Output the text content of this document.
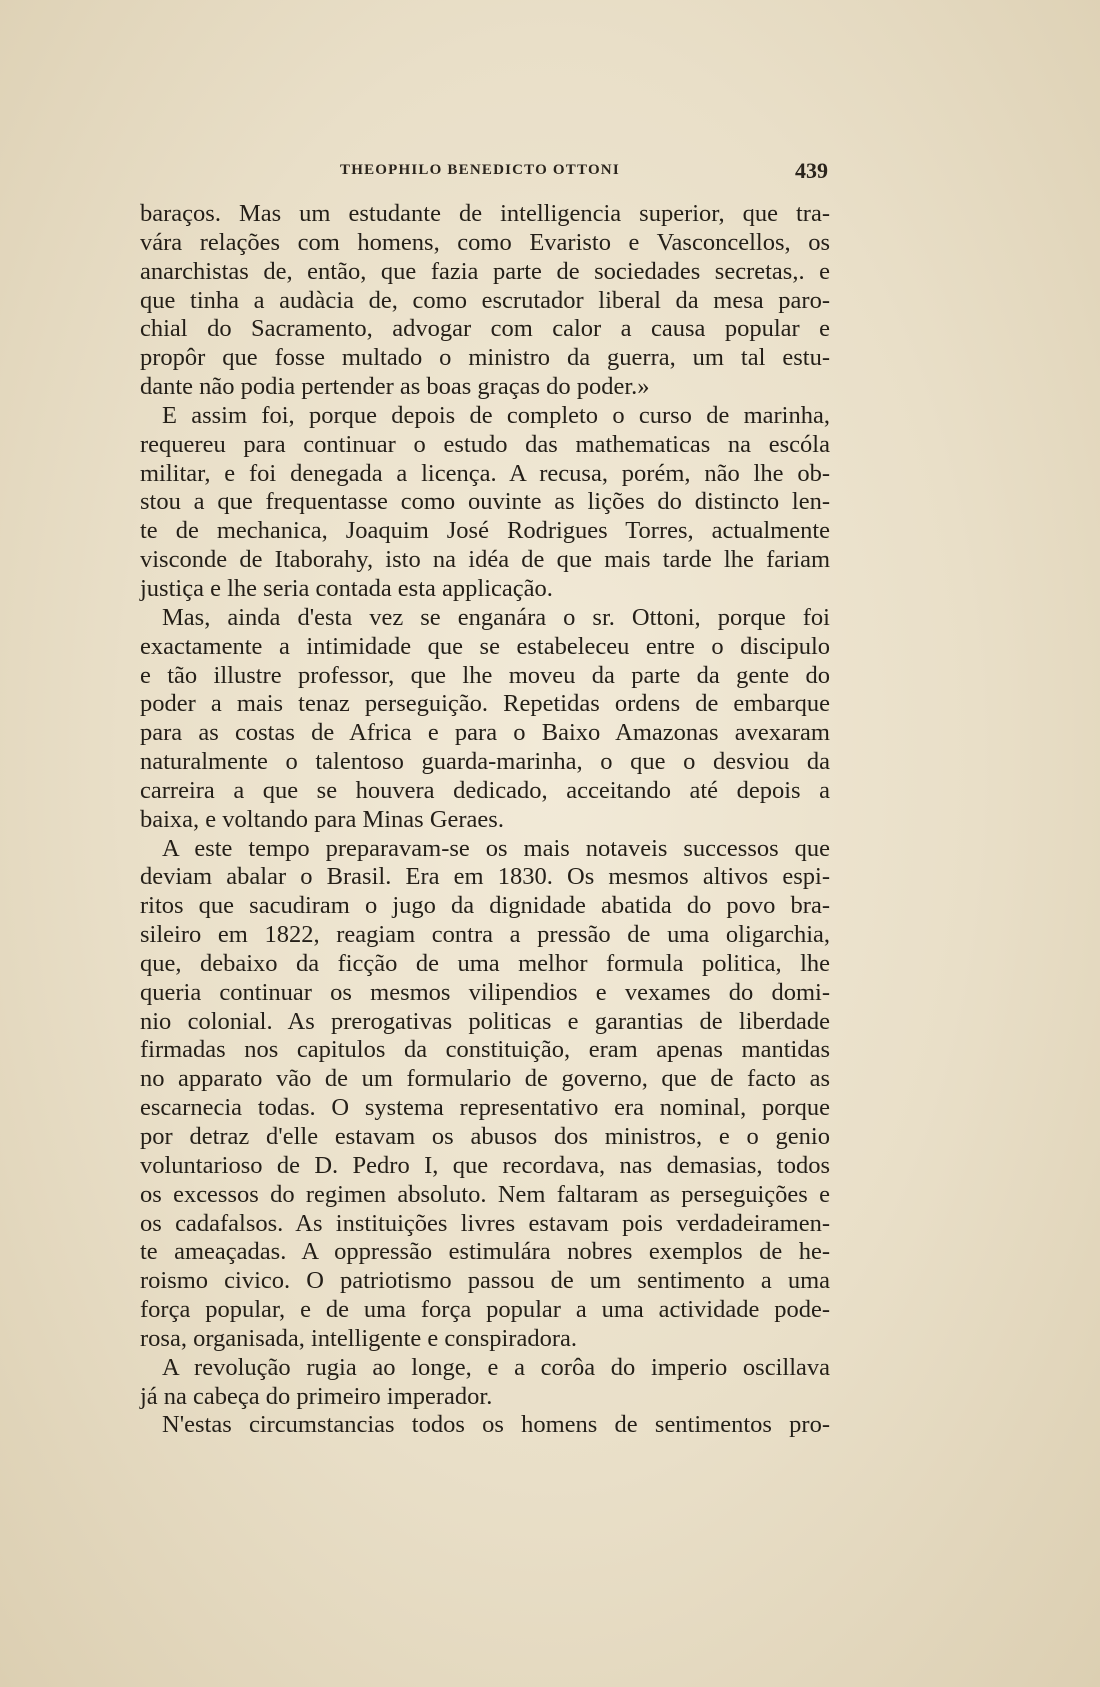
THEOPHILO BENEDICTO OTTONI	439
baraços. Mas um estudante de intelligencia superior, que tra-
vára relações com homens, como Evaristo e Vasconcellos, os
anarchistas de, então, que fazia parte de sociedades secretas,. e
que tinha a audàcia de, como escrutador liberal da mesa paro-
chial do Sacramento, advogar com calor a causa popular e
propôr que fosse multado o ministro da guerra, um tal estu-
dante não podia pertender as boas graças do poder.»
E assim foi, porque depois de completo o curso de marinha,
requereu para continuar o estudo das mathematicas na escóla
militar, e foi denegada a licença. A recusa, porém, não lhe ob-
stou a que frequentasse como ouvinte as lições do distincto len-
te de mechanica, Joaquim José Rodrigues Torres, actualmente
visconde de Itaborahy, isto na idéa de que mais tarde lhe fariam
justiça e lhe seria contada esta applicação.
Mas, ainda d'esta vez se enganára o sr. Ottoni, porque foi
exactamente a intimidade que se estabeleceu entre o discipulo
e tão illustre professor, que lhe moveu da parte da gente do
poder a mais tenaz perseguição. Repetidas ordens de embarque
para as costas de Africa e para o Baixo Amazonas avexaram
naturalmente o talentoso guarda-marinha, o que o desviou da
carreira a que se houvera dedicado, acceitando até depois a
baixa, e voltando para Minas Geraes.
A este tempo preparavam-se os mais notaveis successos que
deviam abalar o Brasil. Era em 1830. Os mesmos altivos espi-
ritos que sacudiram o jugo da dignidade abatida do povo bra-
sileiro em 1822, reagiam contra a pressão de uma oligarchia,
que, debaixo da ficção de uma melhor formula politica, lhe
queria continuar os mesmos vilipendios e vexames do domi-
nio colonial. As prerogativas politicas e garantias de liberdade
firmadas nos capitulos da constituição, eram apenas mantidas
no apparato vão de um formulario de governo, que de facto as
escarnecia todas. O systema representativo era nominal, porque
por detraz d'elle estavam os abusos dos ministros, e o genio
voluntarioso de D. Pedro I, que recordava, nas demasias, todos
os excessos do regimen absoluto. Nem faltaram as perseguições e
os cadafalsos. As instituições livres estavam pois verdadeiramen-
te ameaçadas. A oppressão estimulára nobres exemplos de he-
roismo civico. O patriotismo passou de um sentimento a uma
força popular, e de uma força popular a uma actividade pode-
rosa, organisada, intelligente e conspiradora.
A revolução rugia ao longe, e a corôa do imperio oscillava
já na cabeça do primeiro imperador.
N'estas circumstancias todos os homens de sentimentos pro-
